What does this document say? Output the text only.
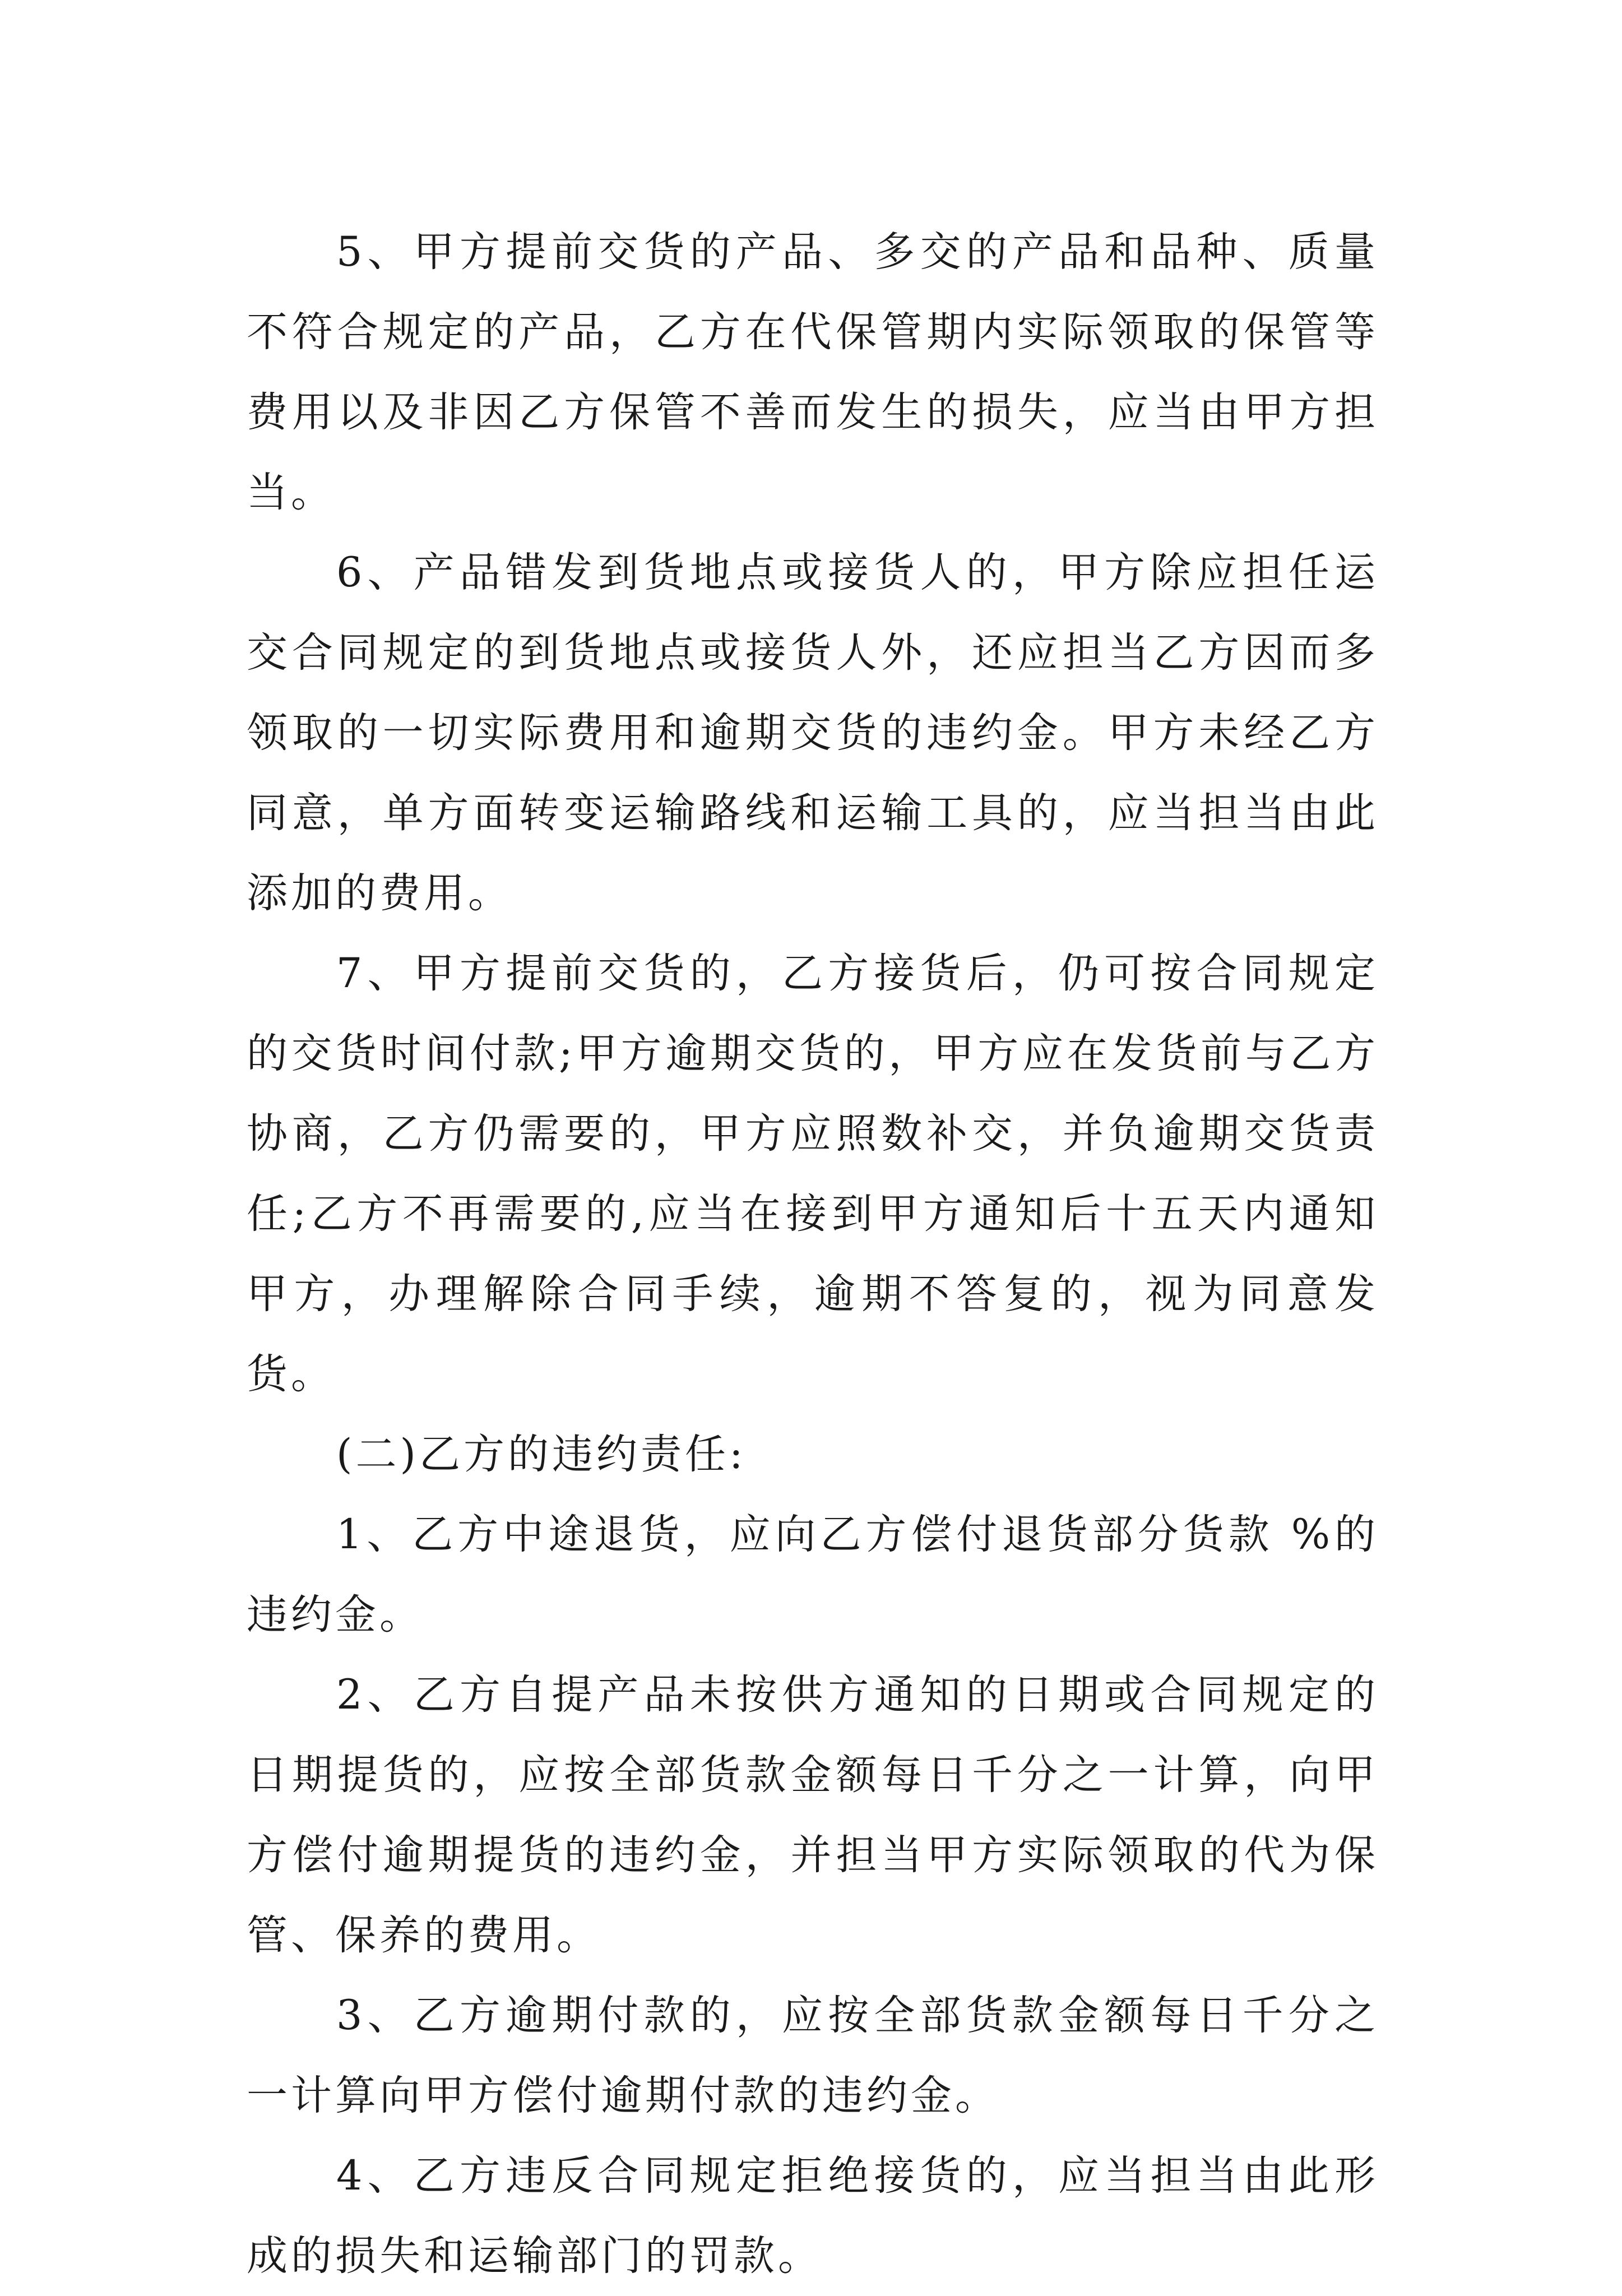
5、甲方提前交货的产品、多交的产品和品种、质量不符合规定的产品，乙方在代保管期内实际领取的保管等费用以及非因乙方保管不善而发生的损失，应当由甲方担当。

6、产品错发到货地点或接货人的，甲方除应担任运交合同规定的到货地点或接货人外，还应担当乙方因而多领取的一切实际费用和逾期交货的违约金。甲方未经乙方同意，单方面转变运输路线和运输工具的，应当担当由此添加的费用。

7、甲方提前交货的，乙方接货后，仍可按合同规定的交货时间付款;甲方逾期交货的，甲方应在发货前与乙方协商，乙方仍需要的，甲方应照数补交，并负逾期交货责任;乙方不再需要的,应当在接到甲方通知后十五天内通知甲方，办理解除合同手续，逾期不答复的，视为同意发货。

(二)乙方的违约责任:

1、乙方中途退货，应向乙方偿付退货部分货款 %的违约金。

2、乙方自提产品未按供方通知的日期或合同规定的日期提货的，应按全部货款金额每日千分之一计算，向甲方偿付逾期提货的违约金，并担当甲方实际领取的代为保管、保养的费用。

3、乙方逾期付款的，应按全部货款金额每日千分之一计算向甲方偿付逾期付款的违约金。

4、乙方违反合同规定拒绝接货的，应当担当由此形成的损失和运输部门的罚款。
